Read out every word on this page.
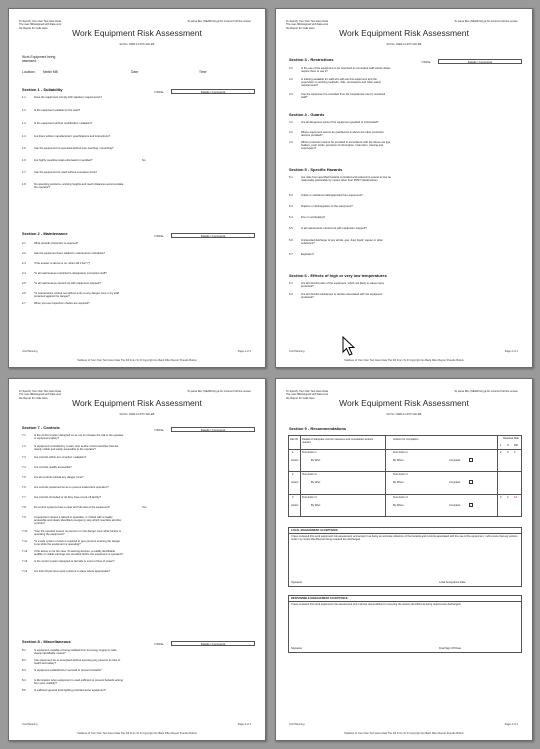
To Specify Your Own Text Here Data The user-fill/Assigned with Data onto the Report for Cells Here
To parse Box (SEARCH) ga for incorrect full line screen
Work Equipment Risk Assessment
Ref No: WER-12-0077-ED-EB
Work Equipment being assessed:
Location: Merlin Mill	Date:	Time:
Section 1 - Suitability	Y/N/Na	Details / Comments
1.1	Does the equipment comply with statutory requirements?
1.2	Is the equipment suitable for the work?
1.3	Is the equipment without modification / adaption?
1.4	Are there written manufacturers' specifications and instructions?
1.5	Can the equipment be operated without over reaching / stretching?
1.6	Are highly repetitive tasks eliminated or avoided?	No
1.7	Can the equipment be used without excessive force?
1.8	Do operating positions, working heights and reach distances accommodate the operator?
Section 2 - Maintenance	Y/N/Na	Details / Comments
2.1	What periodic inspection is required?
2.2	Has the equipment been added to maintenance schedules?
2.3	If the answer to above is no, when will it be? (*)
2.4	*Is all maintenance restricted to designated, competent staff?
2.5	*Is all maintenance carried out with equipment stopped?
2.6	*Is maintenance carried out without entry to any danger zone or by staff protected against the danger?
2.7	When pre-use inspection checks are required?
Unit Planning	Page 1 of 4
Tackless of Your Own Text Here Data The Fill 3mm To D Copyright Go Back Filter Report Pseudo Button
To Specify Your Own Text Here Data The user-fill/Assigned with Data onto the Report for Cells Here
To parse Box (SEARCH) ga for incorrect full line screen
Work Equipment Risk Assessment
Ref No: WER-12-0077-ED-EB
Section 3 - Restrictions	Y/N/Na	Details / Comments
3.1	Is the use of the equipment to be restricted to nominated staff whose duties require them to use it?
3.2	Is training available for staff who will use this equipment and the supervision in working methods, risks, precautions and other safety requirements?
3.3	Can the equipment be excluded from the hospital site use by untrained staff?
Section 4 - Guards
4.1	Are all dangerous parts of the equipment guarded or interlocked?
4.2	Where equipment cannot be guarded as in above are other protective devices provided?
4.3	Where protection cannot be provided in accordance with the above are jigs, holders, push sticks, provision of information, instruction, training and supervision?
Section 5 - Specific Hazards
5.1	Are risks from specified hazards controlled and reduced to a level as low as reasonably practicable by means other than PPE? (detail below)
5.2	Article or substance falling/ejected from equipment?
5.3	Rupture or disintegration of the equipment?
5.4	Fire or overheating?
5.5	Is all maintenance carried out with equipment stopped?
5.6	Unintended discharge of any article, gas, dust, liquid, vapour or other substance?
5.7	Explosion?
Section 6 - Effects of high or very low temperatures
6.1	Are all hot/cold parts of the equipment, which are likely to cause injury protected?
6.2	Are all hot/cold substances or articles associated with the equipment protected?
Unit Planning	Page 2 of 4
Tackless of Your Own Text Here Data The Fill 3mm To D Copyright Go Back Filter Report Pseudo Button
To Specify Your Own Text Here Data The user-fill/Assigned with Data onto the Report for Cells Here
To parse Box (SEARCH) ga for incorrect full line screen
Work Equipment Risk Assessment
Ref No: WER-12-0077-ED-EB
Section 7 - Controls	Y/N/Na	Details / Comments
7.1	Is the control system designed so as not to increase the risk to the operator or equipment safety?
7.2	Is equipment controlled by a start, stop and/or control switches that are clearly visible and easily accessible to the operator?
7.3	Are controls within arm of action / adaption?
7.4	Are controls readily accessible?
7.5	Are all controls outside any danger zone?
7.6	Are controls positioned so as to prevent inadvertent operation?
7.7	Are controls shrouded or do they have a lock-off facility?
7.8	Do control systems have a clear and full view of the equipment?	Yes
7.9	If equipment causes a hazard in operation, is it fitted with a readily accessible and clearly identified emergency stop which overrides all other controls?
7.10	*Can the operator ensure no person is in the danger zone while he/she is operating the equipment?
7.11	*Is a safe system of work is required to give persons entering the danger zone while the equipment is operating?
7.12	If the above is not the case, fit warning devices, a readily identifiable, audible or visible warnings are provided before the equipment is operated?
7.13	Is the control system designed to fail safe in event of loss of power?
7.14	Are lock-off permit-to-work systems in place where appropriate?
Section 8 - Miscellaneous	Y/N/Na	Details / Comments
8.1	Is equipment capable of being isolated from its energy supply by safe clearly identifiable means?
8.2	Can equipment be re-energised without exposing any persons to risks to health and safety?
8.3	Is equipment established or secured to prevent hazards?
8.4	Is illumination when equipment is used sufficient to prevent hazards arising from poor visibility?
8.5	Is sufficient general local lighting provided at the equipment?
Unit Planning	Page 3 of 4
Tackless of Your Own Text Here Data The Fill 3mm To D Copyright Go Back Filter Report Pseudo Button
To Specify Your Own Text Here Data The user-fill/Assigned with Data onto the Report for Cells Here
To parse Box (SEARCH) ga for incorrect full line screen
Work Equipment Risk Assessment
Ref No: WER-12-0077-ED-EB
Section 9 - Recommendations
Haz ID	Details of adequate control measures and remediation actions needed
Actions for completion	Residual Risk
L S RR
1	Test Action 1	Test Action 1	2 3 6
Action:	By Who:	By When:	Complete:
2	Test Action 2	Test Action 2
Action:	By Who:	By When:	Complete:
3	Test Action 3	Test Action 3	3 4 12
Action:	By Who:	By When:	Complete:
LOCAL MANAGEMENT ACCEPTANCE
I have reviewed this work equipment risk assessment and accept it as being an accurate reflection of the hazards and controls associated with the use of the equipment. I will ensure that any actions under my control identified as being required are discharged.
Signature	Local Acceptance Date
RESPONSIBLE MANAGEMENT ACCEPTANCE
I have reviewed this work equipment risk assessment and I accept responsibility for ensuring the actions identified as being required are discharged.
Signature	Final Sign Off Date
Unit Planning	Page 4 of 4
Tackless of Your Own Text Here Data The Fill 3mm To D Copyright Go Back Filter Report Pseudo Button
